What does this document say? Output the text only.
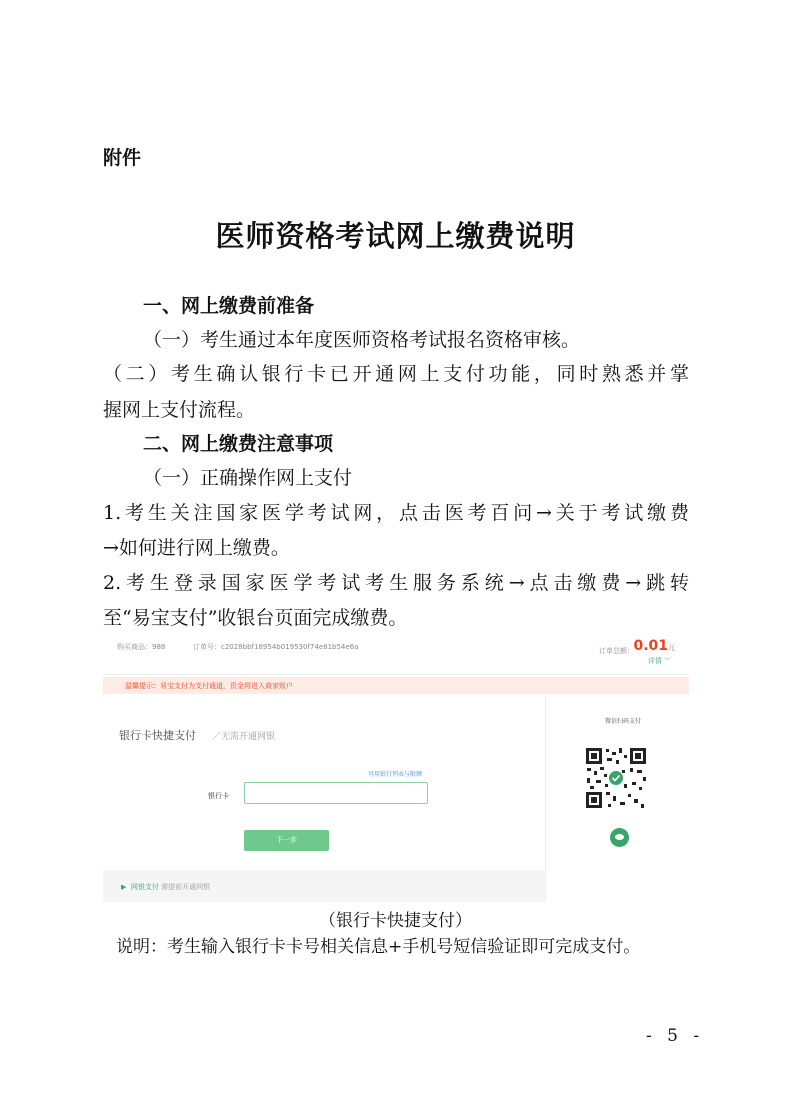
附件
医师资格考试网上缴费说明
一、网上缴费前准备
（一）考生通过本年度医师资格考试报名资格审核。
（二）考生确认银行卡已开通网上支付功能，同时熟悉并掌
握网上支付流程。
二、网上缴费注意事项
（一）正确操作网上支付
1.考生关注国家医学考试网，点击医考百问→关于考试缴费
→如何进行网上缴费。
2.考生登录国家医学考试考生服务系统→点击缴费→跳转
至“易宝支付”收银台页面完成缴费。
购买商品：988	订单号：c2028bbf18954b019530f74e81b54e6a	订单总额： 0.01元
详情 ﹀
温馨提示：易宝支付为支付通道，资金将进入商家账户
银行卡快捷支付 ／无需开通网银
可用银行列表与限额
银行卡
下一步
▶  网银支付 需提前开通网银
微信扫码支付
（银行卡快捷支付）
说明：考生输入银行卡卡号相关信息+手机号短信验证即可完成支付。
- 5 -
